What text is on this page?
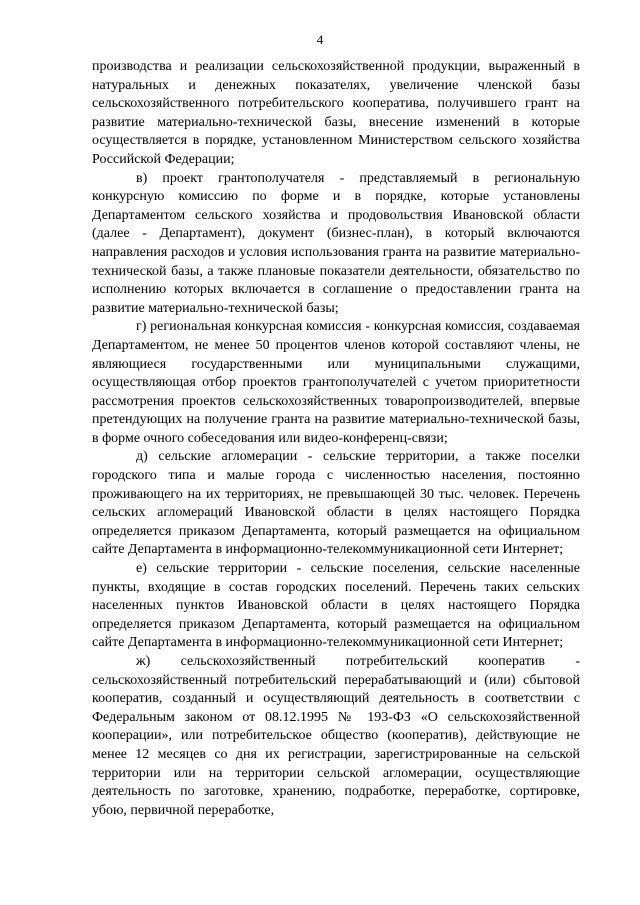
4

производства и реализации сельскохозяйственной продукции, выраженный в натуральных и денежных показателях, увеличение членской базы сельскохозяйственного потребительского кооператива, получившего грант на развитие материально-технической базы, внесение изменений в которые осуществляется в порядке, установленном Министерством сельского хозяйства Российской Федерации;

в) проект грантополучателя - представляемый в региональную конкурсную комиссию по форме и в порядке, которые установлены Департаментом сельского хозяйства и продовольствия Ивановской области (далее - Департамент), документ (бизнес-план), в который включаются направления расходов и условия использования гранта на развитие материально-технической базы, а также плановые показатели деятельности, обязательство по исполнению которых включается в соглашение о предоставлении гранта на развитие материально-технической базы;

г) региональная конкурсная комиссия - конкурсная комиссия, создаваемая Департаментом, не менее 50 процентов членов которой составляют члены, не являющиеся государственными или муниципальными служащими, осуществляющая отбор проектов грантополучателей с учетом приоритетности рассмотрения проектов сельскохозяйственных товаропроизводителей, впервые претендующих на получение гранта на развитие материально-технической базы, в форме очного собеседования или видео-конференц-связи;

д) сельские агломерации - сельские территории, а также поселки городского типа и малые города с численностью населения, постоянно проживающего на их территориях, не превышающей 30 тыс. человек. Перечень сельских агломераций Ивановской области в целях настоящего Порядка определяется приказом Департамента, который размещается на официальном сайте Департамента в информационно-телекоммуникационной сети Интернет;

е) сельские территории - сельские поселения, сельские населенные пункты, входящие в состав городских поселений. Перечень таких сельских населенных пунктов Ивановской области в целях настоящего Порядка определяется приказом Департамента, который размещается на официальном сайте Департамента в информационно-телекоммуникационной сети Интернет;

ж) сельскохозяйственный потребительский кооператив - сельскохозяйственный потребительский перерабатывающий и (или) сбытовой кооператив, созданный и осуществляющий деятельность в соответствии с Федеральным законом от 08.12.1995 № 193-ФЗ «О сельскохозяйственной кооперации», или потребительское общество (кооператив), действующие не менее 12 месяцев со дня их регистрации, зарегистрированные на сельской территории или на территории сельской агломерации, осуществляющие деятельность по заготовке, хранению, подработке, переработке, сортировке, убою, первичной переработке,
